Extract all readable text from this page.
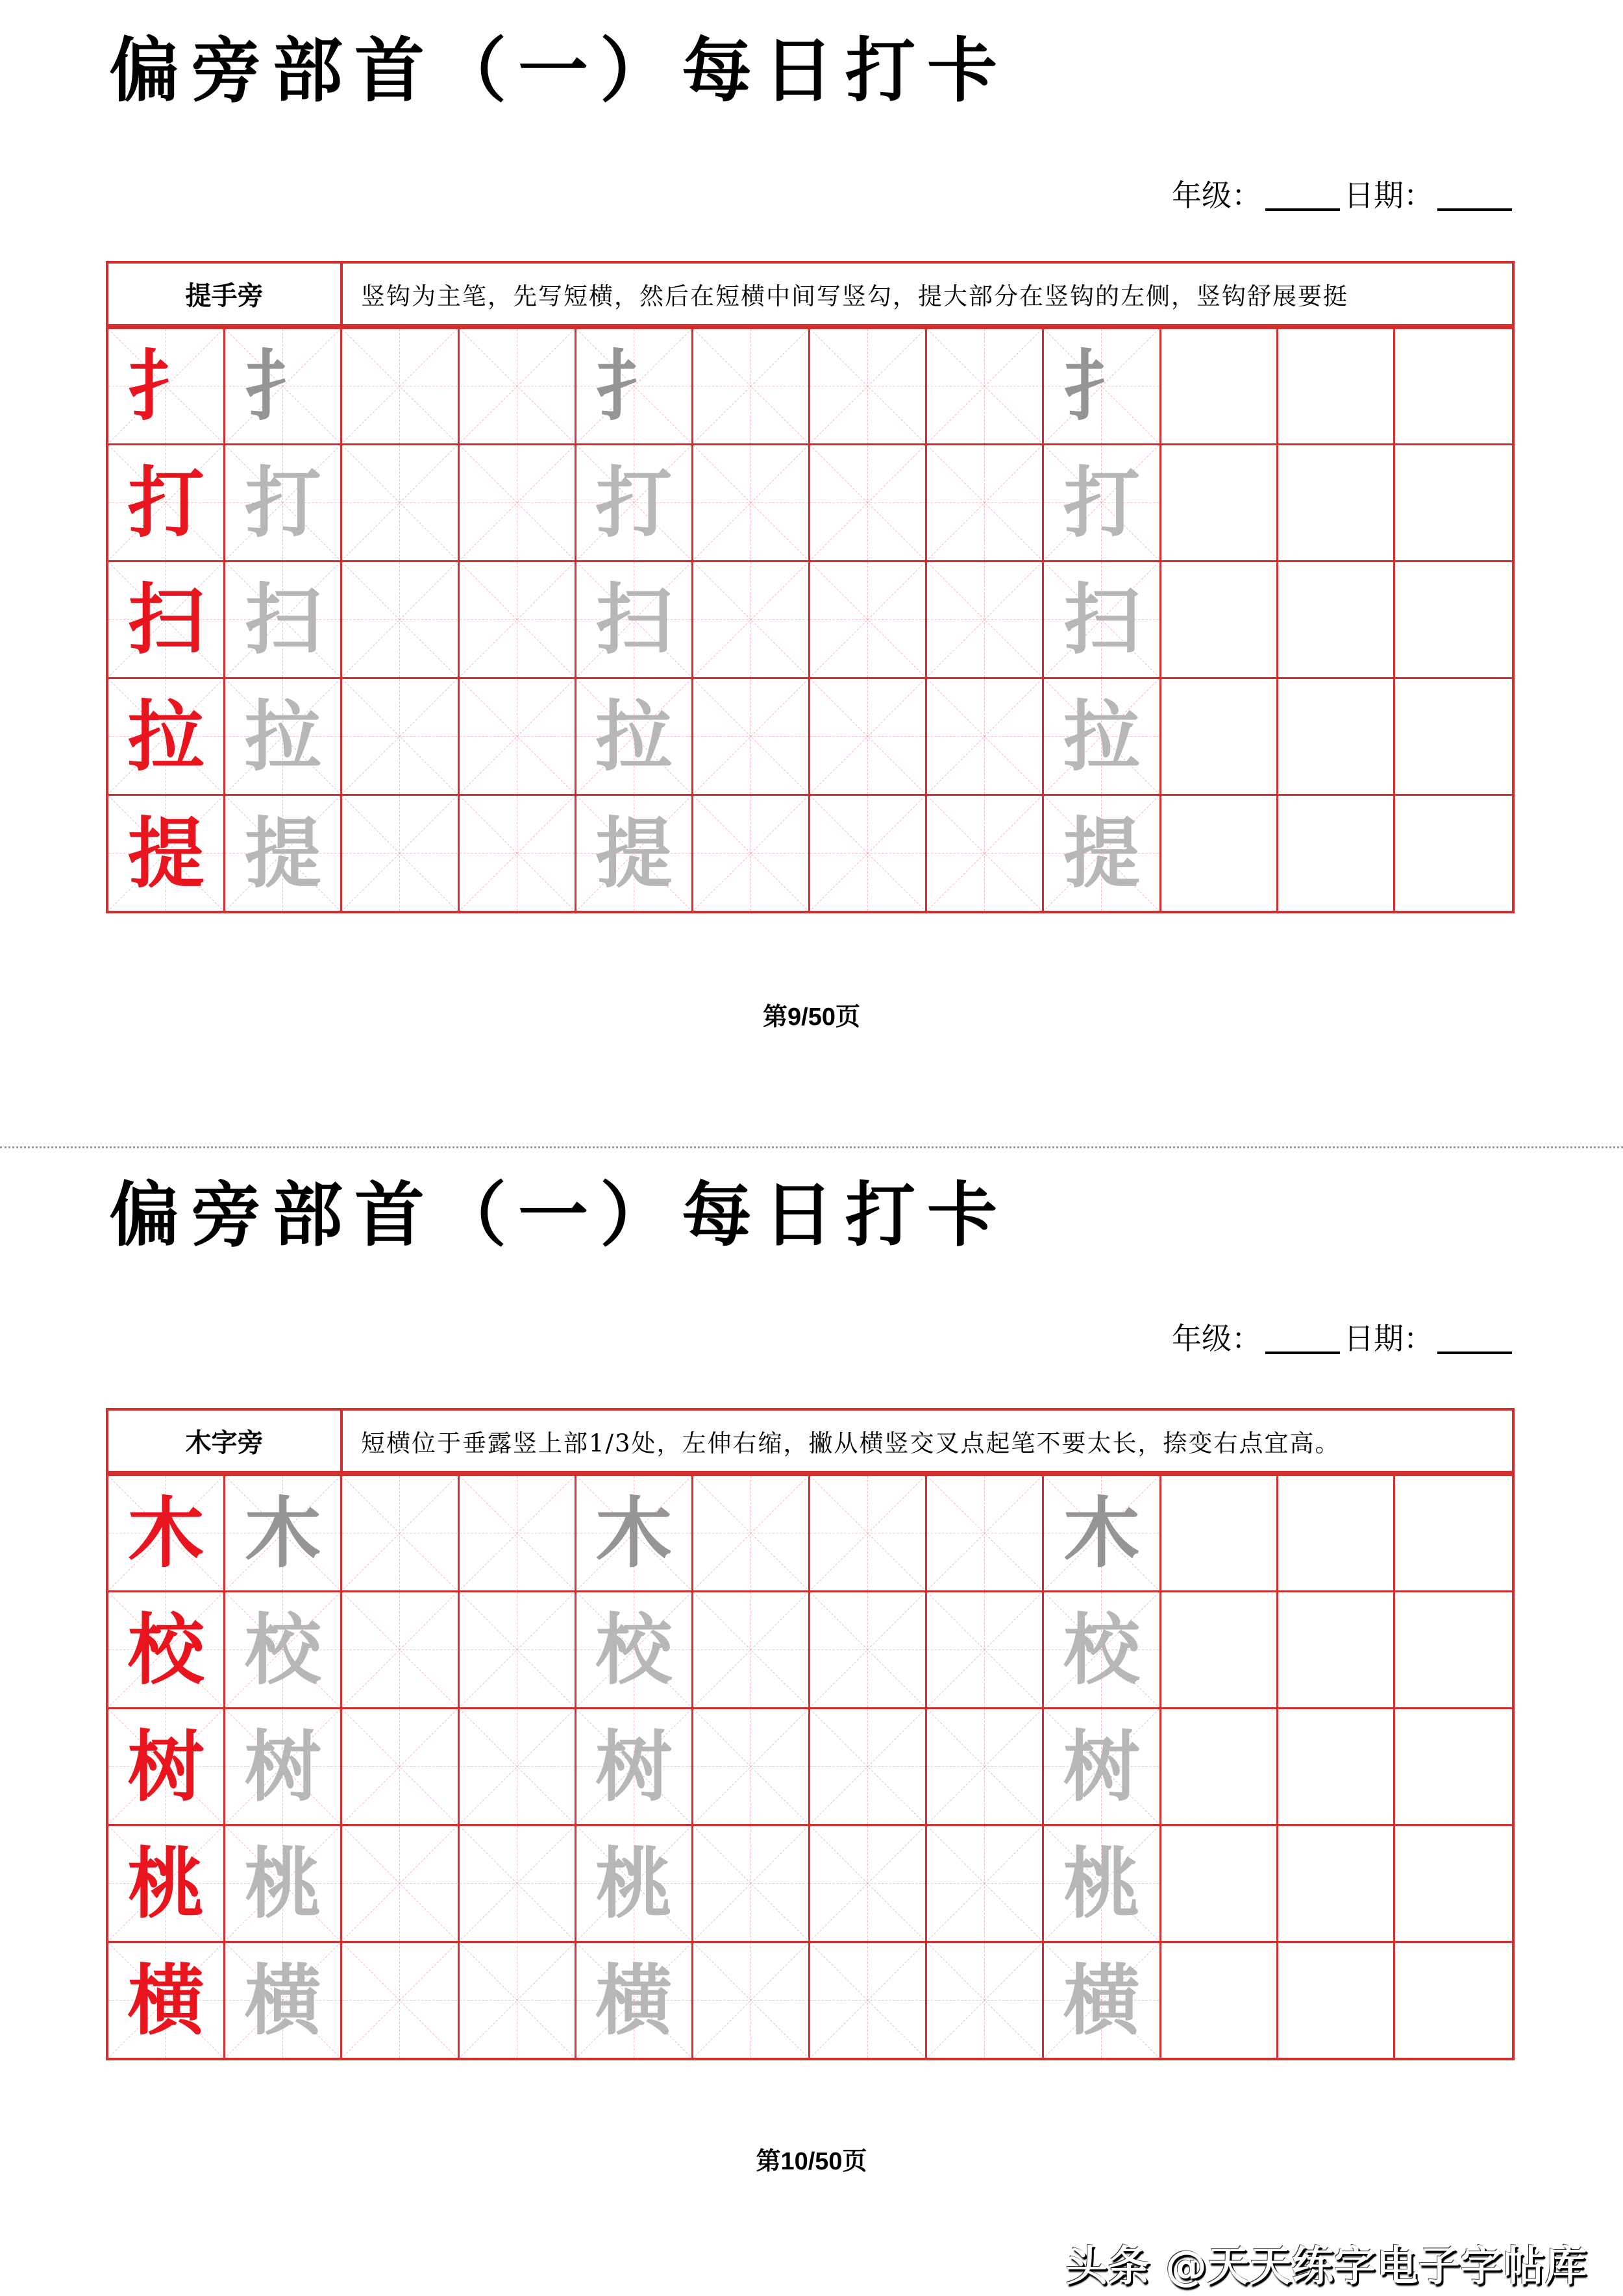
偏旁部首（一）每日打卡
年级：	日期：
提手旁	竖钩为主笔，先写短横，然后在短横中间写竖勾，提大部分在竖钩的左侧，竖钩舒展要挺
扌 扌	扌	扌
打 打	打	打
扫 扫	扫	扫
拉 拉	拉	拉
提 提	提	提
第9/50页
偏旁部首（一）每日打卡
年级：	日期：
木字旁	短横位于垂露竖上部1/3处，左伸右缩，撇从横竖交叉点起笔不要太长，捺变右点宜高。
木 木	木	木
校 校	校	校
树 树	树	树
桃 桃	桃	桃
横 横	横	横
第10/50页
头条 @天天练字电子字帖库
